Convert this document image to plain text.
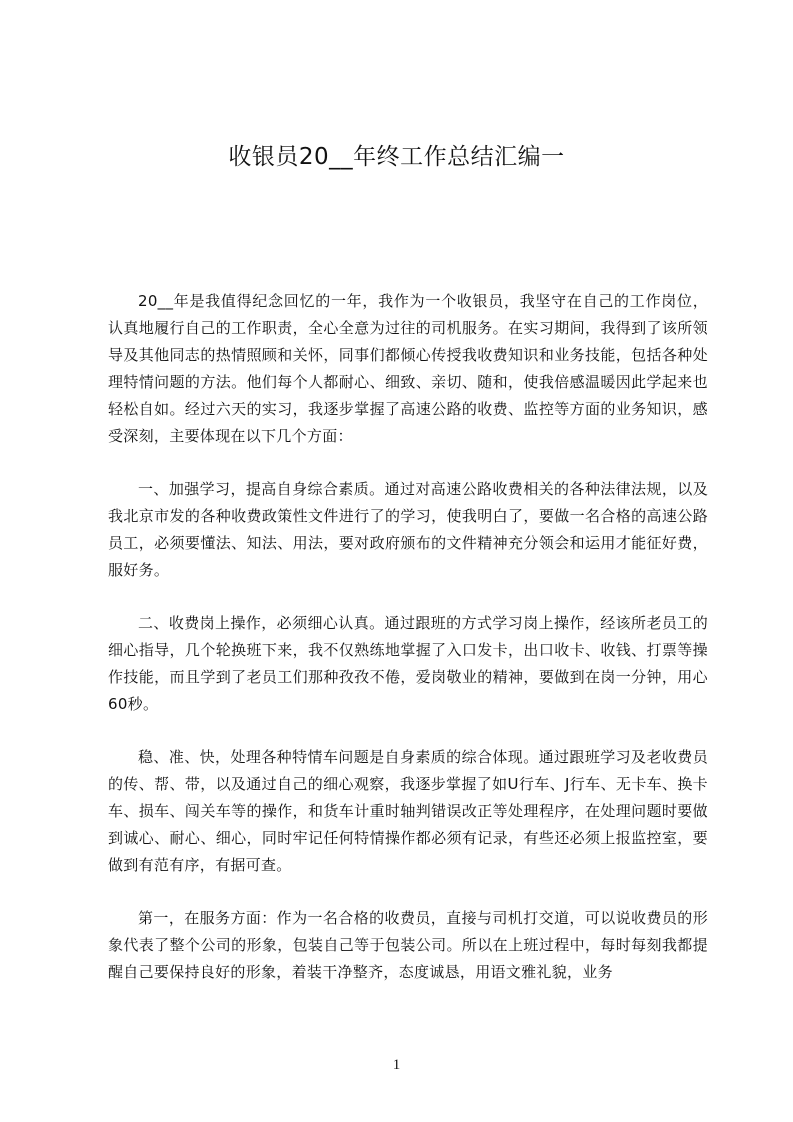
收银员20__年终工作总结汇编一

20__年是我值得纪念回忆的一年，我作为一个收银员，我坚守在自己的工作岗位，认真地履行自己的工作职责，全心全意为过往的司机服务。在实习期间，我得到了该所领导及其他同志的热情照顾和关怀，同事们都倾心传授我收费知识和业务技能，包括各种处理特情问题的方法。他们每个人都耐心、细致、亲切、随和，使我倍感温暖因此学起来也轻松自如。经过六天的实习，我逐步掌握了高速公路的收费、监控等方面的业务知识，感受深刻，主要体现在以下几个方面：

一、加强学习，提高自身综合素质。通过对高速公路收费相关的各种法律法规，以及我北京市发的各种收费政策性文件进行了的学习，使我明白了，要做一名合格的高速公路员工，必须要懂法、知法、用法，要对政府颁布的文件精神充分领会和运用才能征好费，服好务。

二、收费岗上操作，必须细心认真。通过跟班的方式学习岗上操作，经该所老员工的细心指导，几个轮换班下来，我不仅熟练地掌握了入口发卡，出口收卡、收钱、打票等操作技能，而且学到了老员工们那种孜孜不倦，爱岗敬业的精神，要做到在岗一分钟，用心60秒。

稳、准、快，处理各种特情车问题是自身素质的综合体现。通过跟班学习及老收费员的传、帮、带，以及通过自己的细心观察，我逐步掌握了如U行车、J行车、无卡车、换卡车、损车、闯关车等的操作，和货车计重时轴判错误改正等处理程序，在处理问题时要做到诚心、耐心、细心，同时牢记任何特情操作都必须有记录，有些还必须上报监控室，要做到有范有序，有据可查。

第一，在服务方面：作为一名合格的收费员，直接与司机打交道，可以说收费员的形象代表了整个公司的形象，包装自己等于包装公司。所以在上班过程中，每时每刻我都提醒自己要保持良好的形象，着装干净整齐，态度诚恳，用语文雅礼貌，业务

1
